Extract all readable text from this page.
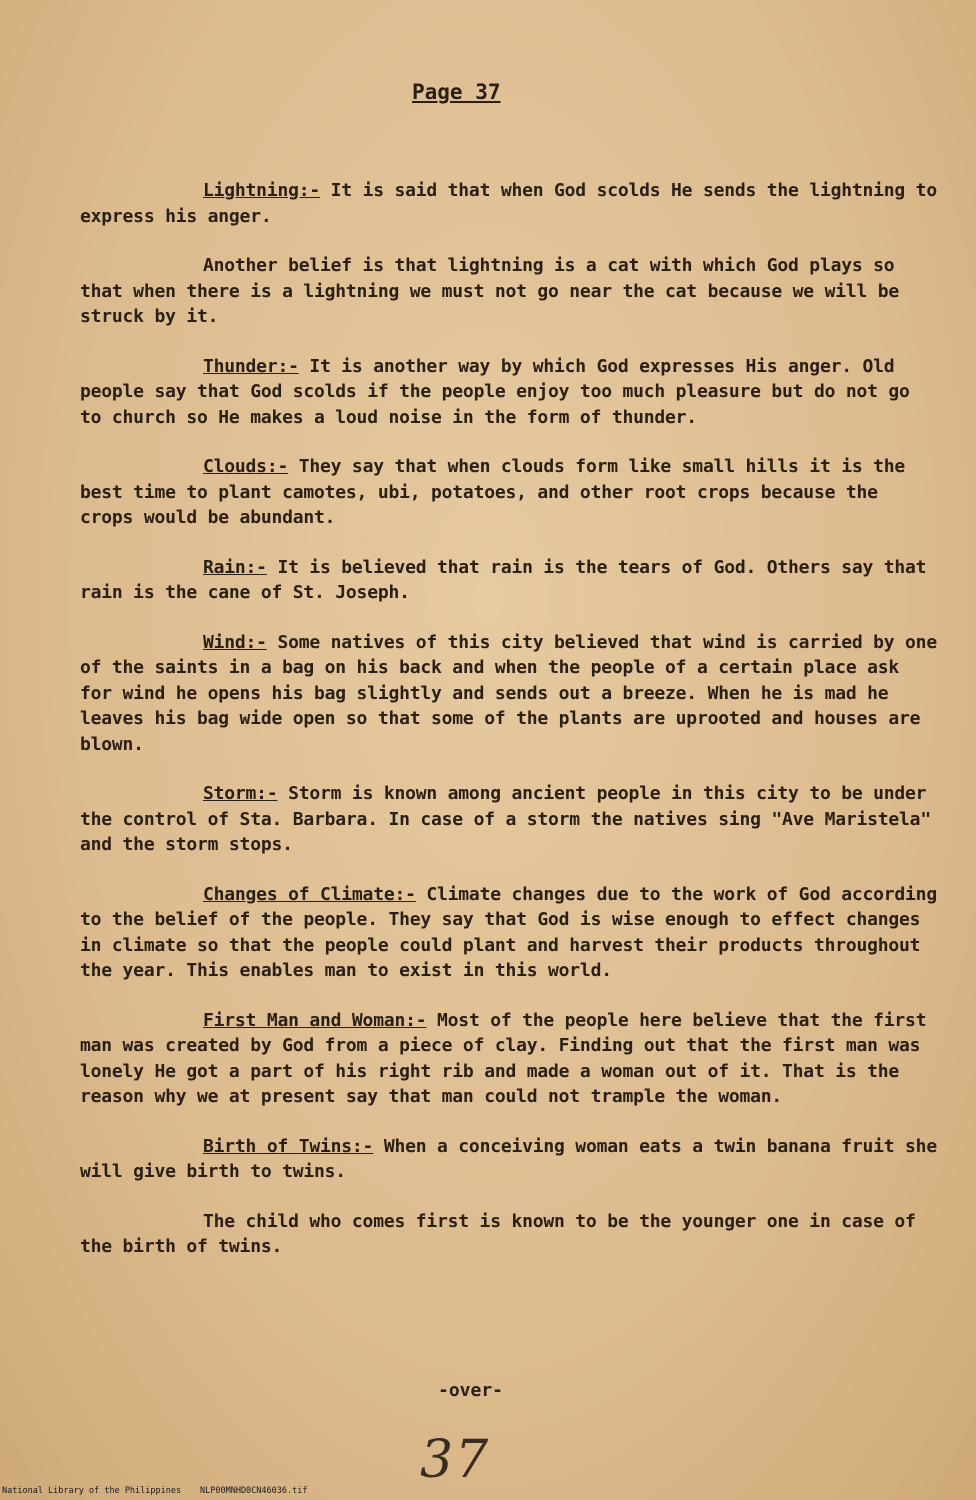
Page 37

Lightning:- It is said that when God scolds He sends the lightning to express his anger.

Another belief is that lightning is a cat with which God plays so that when there is a lightning we must not go near the cat because we will be struck by it.

Thunder:- It is another way by which God expresses His anger. Old people say that God scolds if the people enjoy too much pleasure but do not go to church so He makes a loud noise in the form of thunder.

Clouds:- They say that when clouds form like small hills it is the best time to plant camotes, ubi, potatoes, and other root crops because the crops would be abundant.

Rain:- It is believed that rain is the tears of God. Others say that rain is the cane of St. Joseph.

Wind:- Some natives of this city believed that wind is carried by one of the saints in a bag on his back and when the people of a certain place ask for wind he opens his bag slightly and sends out a breeze. When he is mad he leaves his bag wide open so that some of the plants are uprooted and houses are blown.

Storm:- Storm is known among ancient people in this city to be under the control of Sta. Barbara. In case of a storm the natives sing "Ave Maristela" and the storm stops.

Changes of Climate:- Climate changes due to the work of God according to the belief of the people. They say that God is wise enough to effect changes in climate so that the people could plant and harvest their products throughout the year. This enables man to exist in this world.

First Man and Woman:- Most of the people here believe that the first man was created by God from a piece of clay. Finding out that the first man was lonely He got a part of his right rib and made a woman out of it. That is the reason why we at present say that man could not trample the woman.

Birth of Twins:- When a conceiving woman eats a twin banana fruit she will give birth to twins.

The child who comes first is known to be the younger one in case of the birth of twins.

-over-
37
National Library of the Philippines NLP00MNHD0CN46036.tif
